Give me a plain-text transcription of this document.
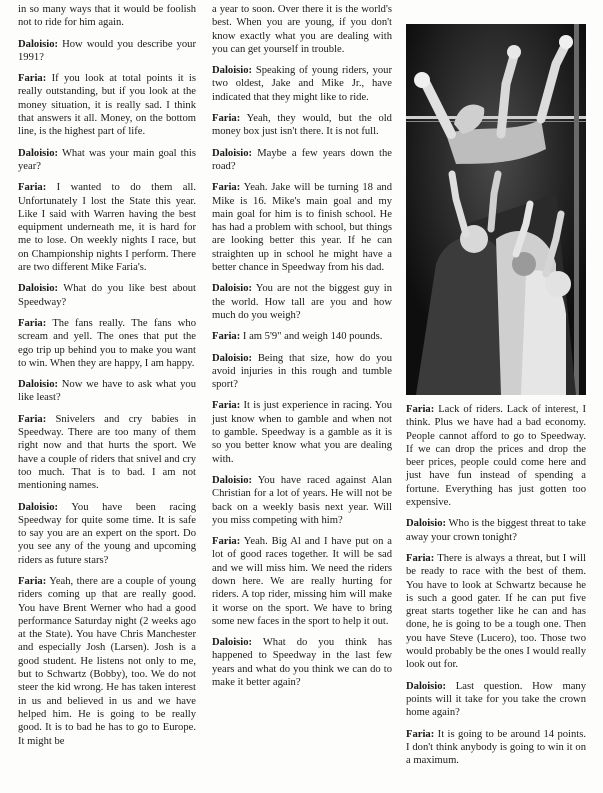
in so many ways that it would be foolish not to ride for him again.

Daloisio: How would you describe your 1991?

Faria: If you look at total points it is really outstanding, but if you look at the money situation, it is really sad. I think that answers it all. Money, on the bottom line, is the highest part of life.

Daloisio: What was your main goal this year?

Faria: I wanted to do them all. Unfortunately I lost the State this year. Like I said with Warren having the best equipment underneath me, it is hard for me to lose. On weekly nights I race, but on Championship nights I perform. There are two different Mike Faria's.

Daloisio: What do you like best about Speedway?

Faria: The fans really. The fans who scream and yell. The ones that put the ego trip up behind you to make you want to win. When they are happy, I am happy.

Daloisio: Now we have to ask what you like least?

Faria: Snivelers and cry babies in Speedway. There are too many of them right now and that hurts the sport. We have a couple of riders that snivel and cry too much. That is to bad. I am not mentioning names.

Daloisio: You have been racing Speedway for quite some time. It is safe to say you are an expert on the sport. Do you see any of the young and upcoming riders as future stars?

Faria: Yeah, there are a couple of young riders coming up that are really good. You have Brent Werner who had a good performance Saturday night (2 weeks ago at the State). You have Chris Manchester and especially Josh (Larsen). Josh is a good student. He listens not only to me, but to Schwartz (Bobby), too. We do not steer the kid wrong. He has taken interest in us and believed in us and we have helped him. He is going to be really good. It is to bad he has to go to Europe. It might be

a year to soon. Over there it is the world's best. When you are young, if you don't know exactly what you are dealing with you can get yourself in trouble.

Daloisio: Speaking of young riders, your two oldest, Jake and Mike Jr., have indicated that they might like to ride.

Faria: Yeah, they would, but the old money box just isn't there. It is not full.

Daloisio: Maybe a few years down the road?

Faria: Yeah. Jake will be turning 18 and Mike is 16. Mike's main goal and my main goal for him is to finish school. He has had a problem with school, but things are looking better this year. If he can straighten up in school he might have a better chance in Speedway from his dad.

Daloisio: You are not the biggest guy in the world. How tall are you and how much do you weigh?

Faria: I am 5'9" and weigh 140 pounds.

Daloisio: Being that size, how do you avoid injuries in this rough and tumble sport?

Faria: It is just experience in racing. You just know when to gamble and when not to gamble. Speedway is a gamble as it is so you better know what you are dealing with.

Daloisio: You have raced against Alan Christian for a lot of years. He will not be back on a weekly basis next year. Will you miss competing with him?

Faria: Yeah. Big Al and I have put on a lot of good races together. It will be sad and we will miss him. We need the riders down here. We are really hurting for riders. A top rider, missing him will make it worse on the sport. We have to bring some new faces in the sport to help it out.

Daloisio: What do you think has happened to Speedway in the last few years and what do you think we can do to make it better again?

Faria: Lack of riders. Lack of interest, I think. Plus we have had a bad economy. People cannot afford to go to Speedway. If we can drop the prices and drop the beer prices, people could come here and just have fun instead of spending a fortune. Everything has just gotten too expensive.

Daloisio: Who is the biggest threat to take away your crown tonight?

Faria: There is always a threat, but I will be ready to race with the best of them. You have to look at Schwartz because he is such a good gater. If he can put five great starts together like he can and has done, he is going to be a tough one. Then you have Steve (Lucero), too. Those two would probably be the ones I would really look out for.

Daloisio: Last question. How many points will it take for you take the crown home again?

Faria: It is going to be around 14 points. I don't think anybody is going to win it on a maximum.
